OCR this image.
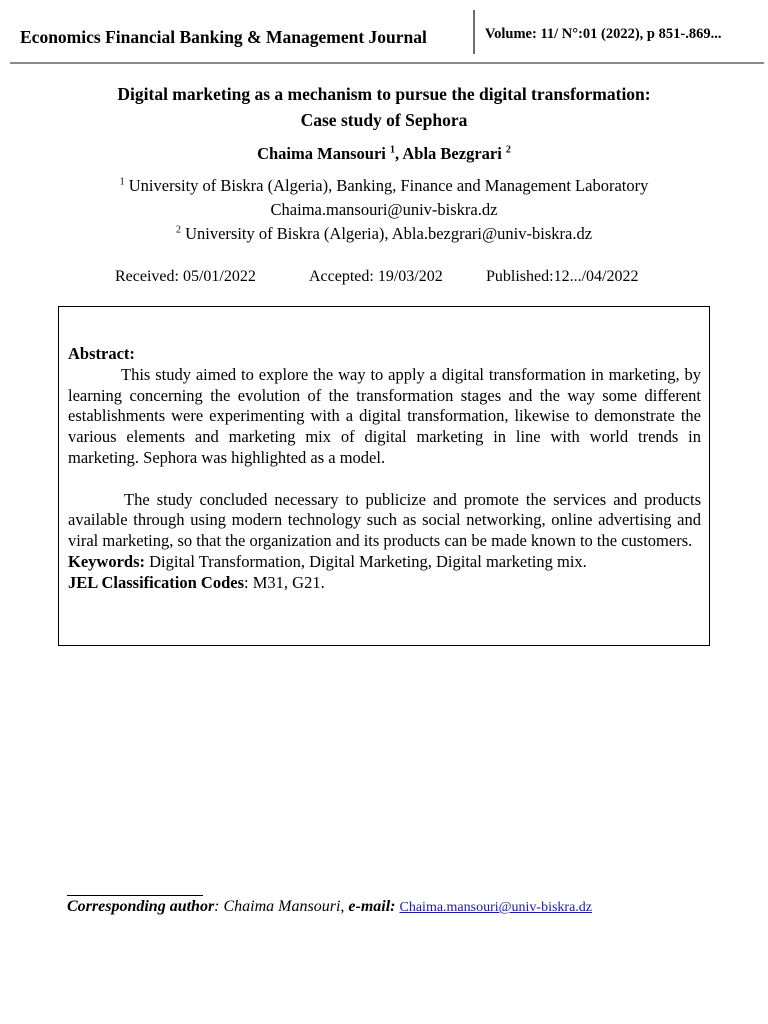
Economics Financial Banking & Management Journal	Volume: 11/ N°:01 (2022), p 851-.869...
Digital marketing as a mechanism to pursue the digital transformation:
Case study of Sephora
Chaima Mansouri $^1$, Abla Bezgrari $^2$
$^1$ University of Biskra (Algeria), Banking, Finance and Management Laboratory
Chaima.mansouri@univ-biskra.dz
$^2$ University of Biskra (Algeria), Abla.bezgrari@univ-biskra.dz
Received: 05/01/2022	Accepted: 19/03/202	Published:12.../04/2022
Abstract:
This study aimed to explore the way to apply a digital transformation in marketing, by learning concerning the evolution of the transformation stages and the way some different establishments were experimenting with a digital transformation, likewise to demonstrate the various elements and marketing mix of digital marketing in line with world trends in marketing. Sephora was highlighted as a model.
The study concluded necessary to publicize and promote the services and products available through using modern technology such as social networking, online advertising and viral marketing, so that the organization and its products can be made known to the customers.
Keywords: Digital Transformation, Digital Marketing, Digital marketing mix.
JEL Classification Codes: M31, G21.
Corresponding author: Chaima Mansouri, e-mail: Chaima.mansouri@univ-biskra.dz
